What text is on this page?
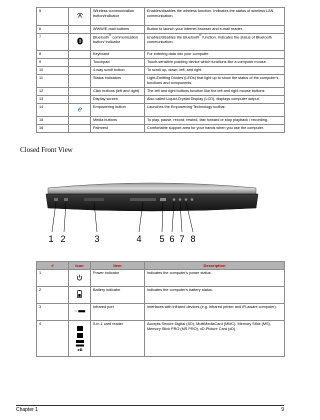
5		Wireless communication button/indicator	Enables/disables the wireless function. Indicates the status of wireless LAN communication.
6		WWW/E-mail buttons	Button to launch your internet browser and e-mail reader.
7		Bluetooth® communication button/ indicator	Enables/disables the Bluetooth® function. Indicates the status of Bluetooth communication.
8		Keyboard	For entering data into your computer.
9		Touchpad	Touch-sensitive pointing device which functions like a computer mouse.
10		4-way scroll button	To scroll up, down, left, and right.
11		Status indicators	Light-Emitting Diodes (LEDs) that light up to show the status of the computer's functions and components.
12		Click buttons (left and right)	The left and right buttons function like the left and right mouse buttons.
13		Display screen	Also called Liquid-Crystal Display (LCD), displays computer output.
14	e	Empowering button	Launches the Empowering Technology toolbar.
15		Media buttons	To play, pause, record, rewind, fast forward or stop playback / recording.
16		Palmrest	Comfortable support area for your hands when you use the computer.
Closed Front View
1 2	3	4 5 6 7 8
#	Icon	Item	Description
1		Power indicator	Indicates the computer's power status.
2		Battery indicator	Indicates the computer's battery status.
3		Infrared port	Interfaces with infrared devices (e.g. infrared printer and IR-aware computer).
4	xD	5-in-1 card reader	Accepts Secure Digital (SD), MultiMediaCard (MMC), Memory Stick (MS), Memory Stick PRO (MS PRO), xD-Picture Card (xD).
Chapter 1	9
